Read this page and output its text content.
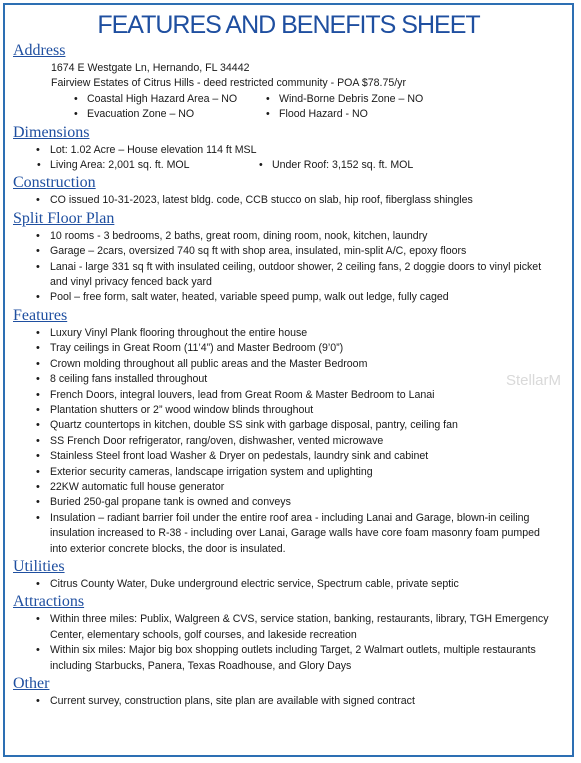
FEATURES AND BENEFITS SHEET
Address
1674 E Westgate Ln, Hernando, FL 34442
Fairview Estates of Citrus Hills - deed restricted community - POA $78.75/yr
• Coastal High Hazard Area – NO	• Wind-Borne Debris Zone – NO
• Evacuation Zone – NO	• Flood Hazard - NO
Dimensions
• Lot: 1.02 Acre – House elevation 114 ft MSL
• Living Area: 2,001 sq. ft. MOL	• Under Roof: 3,152 sq. ft. MOL
Construction
• CO issued 10-31-2023, latest bldg. code, CCB stucco on slab, hip roof, fiberglass shingles
Split Floor Plan
• 10 rooms - 3 bedrooms, 2 baths, great room, dining room, nook, kitchen, laundry
• Garage – 2cars, oversized 740 sq ft with shop area, insulated, min-split A/C, epoxy floors
• Lanai - large 331 sq ft with insulated ceiling, outdoor shower, 2 ceiling fans, 2 doggie doors to vinyl picket and vinyl privacy fenced back yard
• Pool – free form, salt water, heated, variable speed pump, walk out ledge, fully caged
Features
• Luxury Vinyl Plank flooring throughout the entire house
• Tray ceilings in Great Room (11’4”) and Master Bedroom (9’0”)
• Crown molding throughout all public areas and the Master Bedroom
• 8 ceiling fans installed throughout
• French Doors, integral louvers, lead from Great Room & Master Bedroom to Lanai
• Plantation shutters or 2” wood window blinds throughout
• Quartz countertops in kitchen, double SS sink with garbage disposal, pantry, ceiling fan
• SS French Door refrigerator, rang/oven, dishwasher, vented microwave
• Stainless Steel front load Washer & Dryer on pedestals, laundry sink and cabinet
• Exterior security cameras, landscape irrigation system and uplighting
• 22KW automatic full house generator
• Buried 250-gal propane tank is owned and conveys
• Insulation – radiant barrier foil under the entire roof area - including Lanai and Garage, blown-in ceiling insulation increased to R-38 - including over Lanai, Garage walls have core foam masonry foam pumped into exterior concrete blocks, the door is insulated.
Utilities
• Citrus County Water, Duke underground electric service, Spectrum cable, private septic
Attractions
• Within three miles: Publix, Walgreen & CVS, service station, banking, restaurants, library, TGH Emergency Center, elementary schools, golf courses, and lakeside recreation
• Within six miles: Major big box shopping outlets including Target, 2 Walmart outlets, multiple restaurants including Starbucks, Panera, Texas Roadhouse, and Glory Days
Other
• Current survey, construction plans, site plan are available with signed contract
StellarM
